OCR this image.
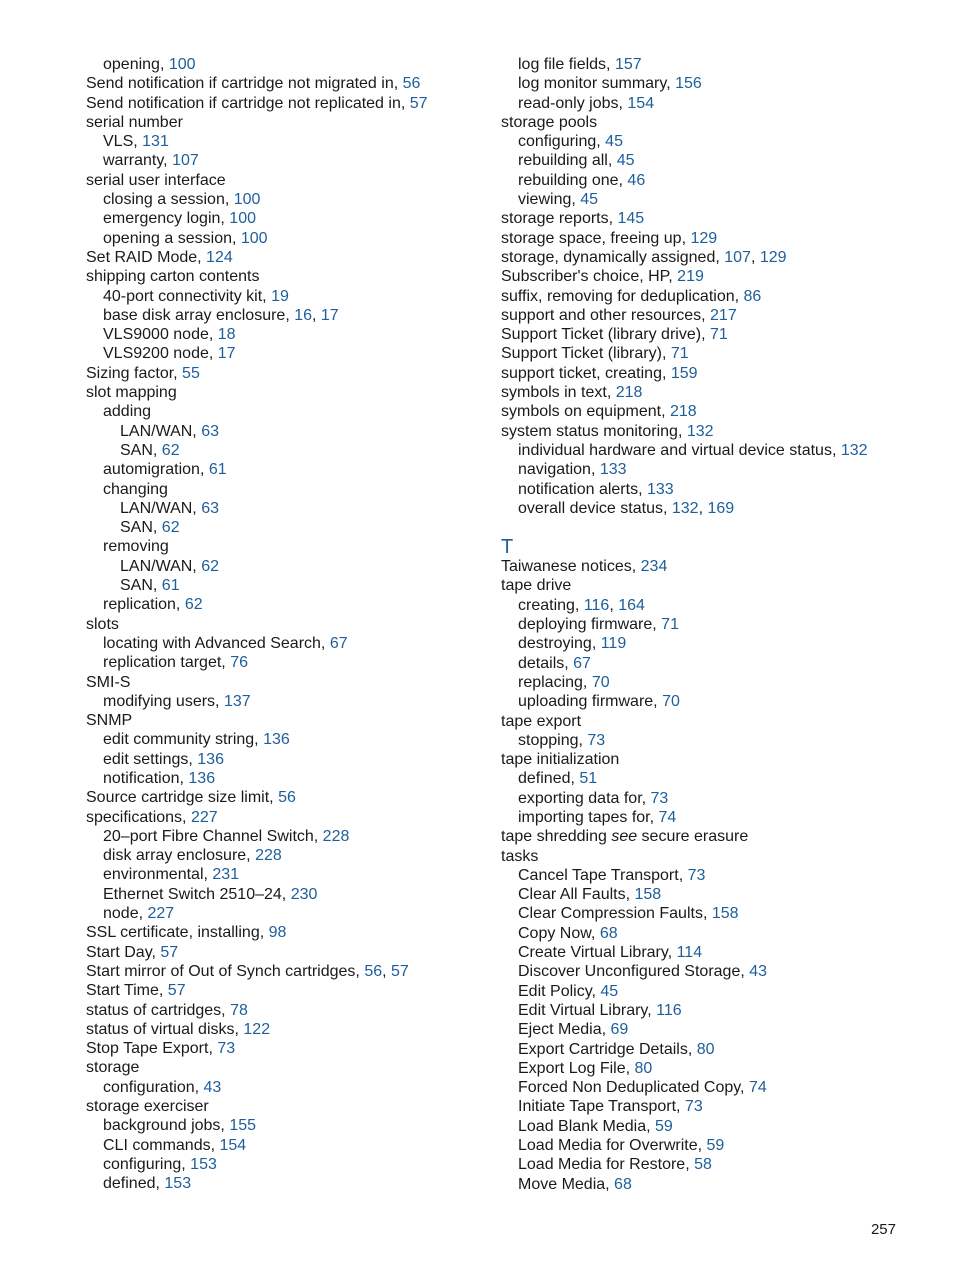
opening, 100
Send notification if cartridge not migrated in, 56
Send notification if cartridge not replicated in, 57
serial number
VLS, 131
warranty, 107
serial user interface
closing a session, 100
emergency login, 100
opening a session, 100
Set RAID Mode, 124
shipping carton contents
40-port connectivity kit, 19
base disk array enclosure, 16, 17
VLS9000 node, 18
VLS9200 node, 17
Sizing factor, 55
slot mapping
adding
LAN/WAN, 63
SAN, 62
automigration, 61
changing
LAN/WAN, 63
SAN, 62
removing
LAN/WAN, 62
SAN, 61
replication, 62
slots
locating with Advanced Search, 67
replication target, 76
SMI-S
modifying users, 137
SNMP
edit community string, 136
edit settings, 136
notification, 136
Source cartridge size limit, 56
specifications, 227
20–port Fibre Channel Switch, 228
disk array enclosure, 228
environmental, 231
Ethernet Switch 2510–24, 230
node, 227
SSL certificate, installing, 98
Start Day, 57
Start mirror of Out of Synch cartridges, 56, 57
Start Time, 57
status of cartridges, 78
status of virtual disks, 122
Stop Tape Export, 73
storage
configuration, 43
storage exerciser
background jobs, 155
CLI commands, 154
configuring, 153
defined, 153
log file fields, 157
log monitor summary, 156
read-only jobs, 154
storage pools
configuring, 45
rebuilding all, 45
rebuilding one, 46
viewing, 45
storage reports, 145
storage space, freeing up, 129
storage, dynamically assigned, 107, 129
Subscriber's choice, HP, 219
suffix, removing for deduplication, 86
support and other resources, 217
Support Ticket (library drive), 71
Support Ticket (library), 71
support ticket, creating, 159
symbols in text, 218
symbols on equipment, 218
system status monitoring, 132
individual hardware and virtual device status, 132
navigation, 133
notification alerts, 133
overall device status, 132, 169
T
Taiwanese notices, 234
tape drive
creating, 116, 164
deploying firmware, 71
destroying, 119
details, 67
replacing, 70
uploading firmware, 70
tape export
stopping, 73
tape initialization
defined, 51
exporting data for, 73
importing tapes for, 74
tape shredding see secure erasure
tasks
Cancel Tape Transport, 73
Clear All Faults, 158
Clear Compression Faults, 158
Copy Now, 68
Create Virtual Library, 114
Discover Unconfigured Storage, 43
Edit Policy, 45
Edit Virtual Library, 116
Eject Media, 69
Export Cartridge Details, 80
Export Log File, 80
Forced Non Deduplicated Copy, 74
Initiate Tape Transport, 73
Load Blank Media, 59
Load Media for Overwrite, 59
Load Media for Restore, 58
Move Media, 68
257
